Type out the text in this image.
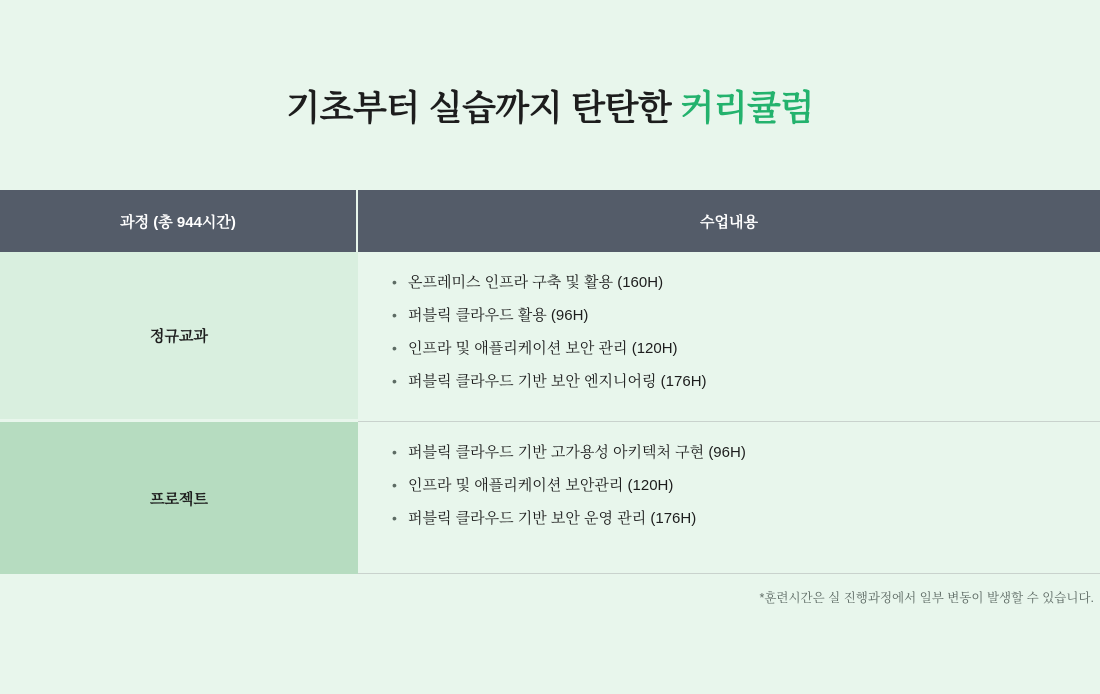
기초부터 실습까지 탄탄한 커리큘럼
과정 (총 944시간)	수업내용
정규교과
• 온프레미스 인프라 구축 및 활용 (160H)
• 퍼블릭 클라우드 활용 (96H)
• 인프라 및 애플리케이션 보안 관리 (120H)
• 퍼블릭 클라우드 기반 보안 엔지니어링 (176H)
프로젝트
• 퍼블릭 클라우드 기반 고가용성 아키텍처 구현 (96H)
• 인프라 및 애플리케이션 보안관리 (120H)
• 퍼블릭 클라우드 기반 보안 운영 관리 (176H)
*훈련시간은 실 진행과정에서 일부 변동이 발생할 수 있습니다.
